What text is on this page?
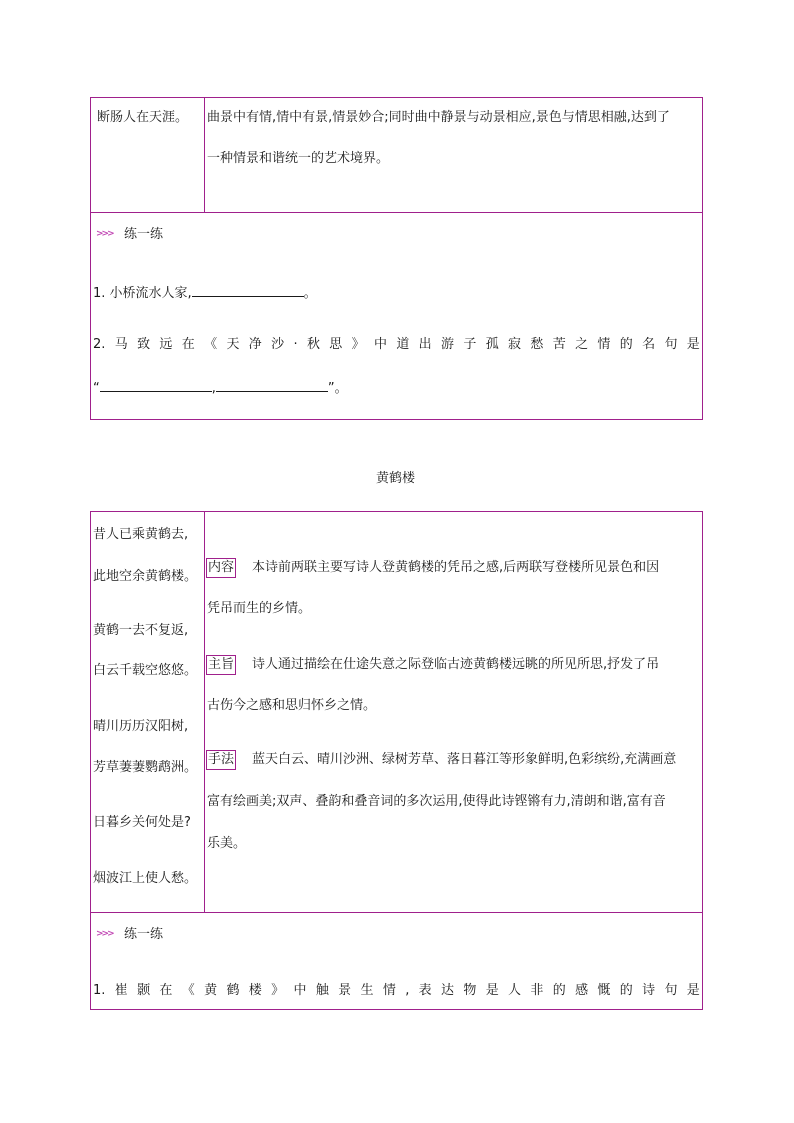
断肠人在天涯。 曲景中有情,情中有景,情景妙合;同时曲中静景与动景相应,景色与情思相融,达到了
一种情景和谐统一的艺术境界。
>>> 练一练
1. 小桥流水人家,	。
2. 马 致 远 在 《 天 净 沙 · 秋 思 》 中 道 出 游 子 孤 寂 愁 苦 之 情 的 名 句 是
“	,	”。
黄鹤楼
昔人已乘黄鹤去,
此地空余黄鹤楼。
黄鹤一去不复返,
白云千载空悠悠。
晴川历历汉阳树,
芳草萋萋鹦鹉洲。
日暮乡关何处是?
烟波江上使人愁。
内容 本诗前两联主要写诗人登黄鹤楼的凭吊之感,后两联写登楼所见景色和因
凭吊而生的乡情。
主旨 诗人通过描绘在仕途失意之际登临古迹黄鹤楼远眺的所见所思,抒发了吊
古伤今之感和思归怀乡之情。
手法 蓝天白云、晴川沙洲、绿树芳草、落日暮江等形象鲜明,色彩缤纷,充满画意
富有绘画美;双声、叠韵和叠音词的多次运用,使得此诗铿锵有力,清朗和谐,富有音
乐美。
>>> 练一练
1. 崔 颢 在 《 黄 鹤 楼 》 中 触 景 生 情 , 表 达 物 是 人 非 的 感 慨 的 诗 句 是
